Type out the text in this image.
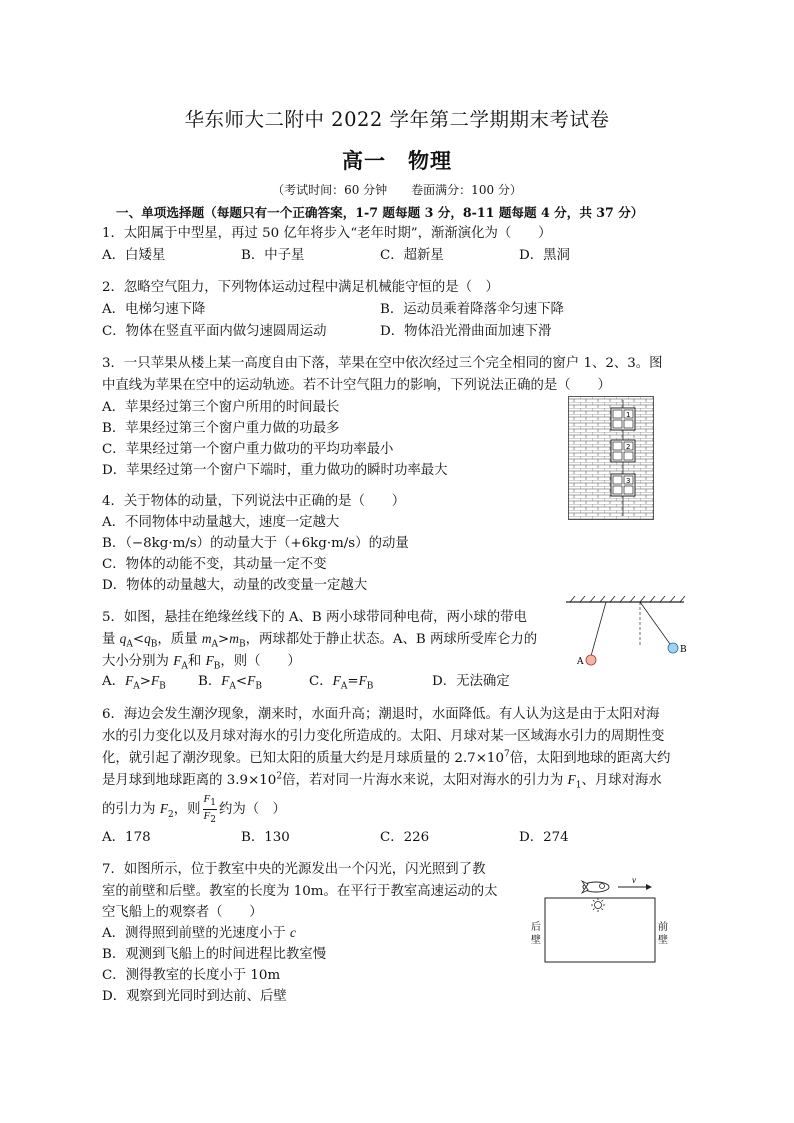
华东师大二附中 2022 学年第二学期期末考试卷
高一　物理
（考试时间：60 分钟　　卷面满分：100 分）
一、单项选择题（每题只有一个正确答案，1-7 题每题 3 分，8-11 题每题 4 分，共 37 分）
1．太阳属于中型星，再过 50 亿年将步入“老年时期”，渐渐演化为（　　）
A．白矮星	B．中子星	C．超新星	D．黑洞
2．忽略空气阻力，下列物体运动过程中满足机械能守恒的是（　）
A．电梯匀速下降	B．运动员乘着降落伞匀速下降
C．物体在竖直平面内做匀速圆周运动	D．物体沿光滑曲面加速下滑
3．一只苹果从楼上某一高度自由下落，苹果在空中依次经过三个完全相同的窗户 1、2、3。图
中直线为苹果在空中的运动轨迹。若不计空气阻力的影响，下列说法正确的是（　　）
A．苹果经过第三个窗户所用的时间最长
B．苹果经过第三个窗户重力做的功最多
C．苹果经过第一个窗户重力做功的平均功率最小
D．苹果经过第一个窗户下端时，重力做功的瞬时功率最大
1
2
3
4．关于物体的动量，下列说法中正确的是（　　）
A．不同物体中动量越大，速度一定越大
B．（−8kg·m/s）的动量大于（+6kg·m/s）的动量
C．物体的动能不变，其动量一定不变
D．物体的动量越大，动量的改变量一定越大
5．如图，悬挂在绝缘丝线下的 A、B 两小球带同种电荷，两小球的带电
量 $q_A<q_B$，质量 $m_A>m_B$，两球都处于静止状态。A、B 两球所受库仑力的
大小分别为 $F_A$和 $F_B$，则（　　）
A．$F_A>F_B$ B．$F_A<F_B$	C．$F_A=F_B$	D．无法确定
A
B
6．海边会发生潮汐现象，潮来时，水面升高；潮退时，水面降低。有人认为这是由于太阳对海
水的引力变化以及月球对海水的引力变化所造成的。太阳、月球对某一区域海水引力的周期性变
化，就引起了潮汐现象。已知太阳的质量大约是月球质量的 $2.7\times 10^7$倍，太阳到地球的距离大约
是月球到地球距离的 $3.9\times 10^2$倍，若对同一片海水来说，太阳对海水的引力为 $F_1$、月球对海水
的引力为 $F_2$，则 $\frac{F_1}{F_2}$ 约为（　）
A．178	B．130	C．226	D．274
7．如图所示，位于教室中央的光源发出一个闪光，闪光照到了教
室的前壁和后壁。教室的长度为 10m。在平行于教室高速运动的太
空飞船上的观察者（　　）
A．测得照到前壁的光速度小于 c
B．观测到飞船上的时间进程比教室慢
C．测得教室的长度小于 10m
D．观察到光同时到达前、后壁
v
后
壁
前
壁
